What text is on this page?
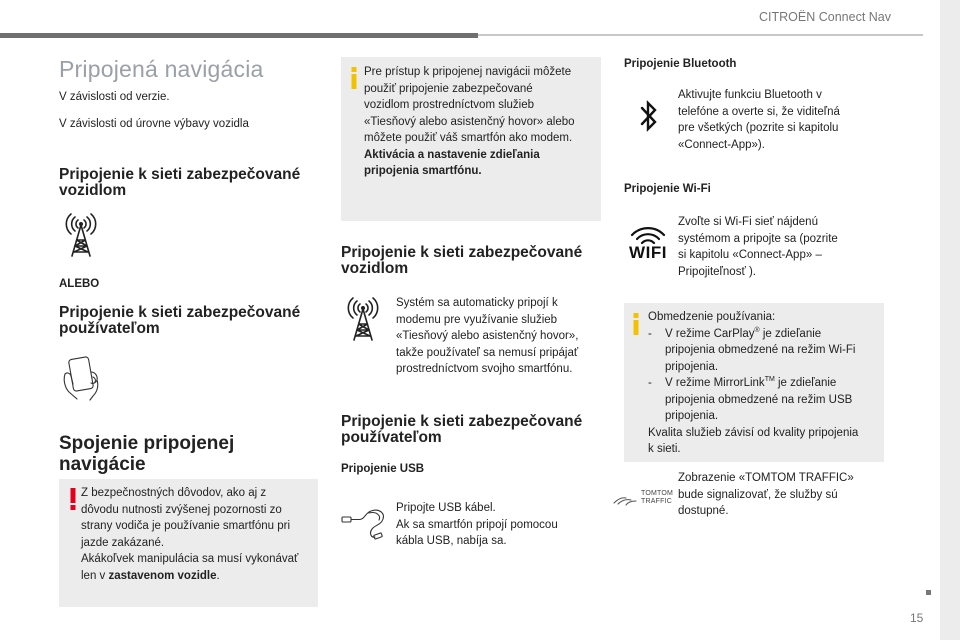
CITROËN Connect Nav
15
Pripojená navigácia
V závislosti od verzie.
V závislosti od úrovne výbavy vozidla
Pripojenie k sieti zabezpečované
vozidlom
ALEBO
Pripojenie k sieti zabezpečované
používateľom
Spojenie pripojenej
navigácie
Z bezpečnostných dôvodov, ako aj z
dôvodu nutnosti zvýšenej pozornosti zo
strany vodiča je používanie smartfónu pri
jazde zakázané.
Akákoľvek manipulácia sa musí vykonávať
len v zastavenom vozidle.
Pre prístup k pripojenej navigácii môžete
použiť pripojenie zabezpečované
vozidlom prostredníctvom služieb
«Tiesňový alebo asistenčný hovor» alebo
môžete použiť váš smartfón ako modem.
Aktivácia a nastavenie zdieľania
pripojenia smartfónu.
Pripojenie k sieti zabezpečované
vozidlom
Systém sa automaticky pripojí k
modemu pre využívanie služieb
«Tiesňový alebo asistenčný hovor»,
takže používateľ sa nemusí pripájať
prostredníctvom svojho smartfónu.
Pripojenie k sieti zabezpečované
používateľom
Pripojenie USB
Pripojte USB kábel.
Ak sa smartfón pripojí pomocou
kábla USB, nabíja sa.
Pripojenie Bluetooth
Aktivujte funkciu Bluetooth v
telefóne a overte si, že viditeľná
pre všetkých (pozrite si kapitolu
«Connect-App»).
Pripojenie Wi-Fi
WIFI
Zvoľte si Wi-Fi sieť nájdenú
systémom a pripojte sa (pozrite
si kapitolu «Connect-App» –
Pripojiteľnosť ).
Obmedzenie používania:
-	V režime CarPlay® je zdieľanie
pripojenia obmedzené na režim Wi-Fi
pripojenia.
-	V režime MirrorLink™ je zdieľanie
pripojenia obmedzené na režim USB
pripojenia.
Kvalita služieb závisí od kvality pripojenia
k sieti.
TOMTOM
TRAFFIC
Zobrazenie «TOMTOM TRAFFIC»
bude signalizovať, že služby sú
dostupné.
